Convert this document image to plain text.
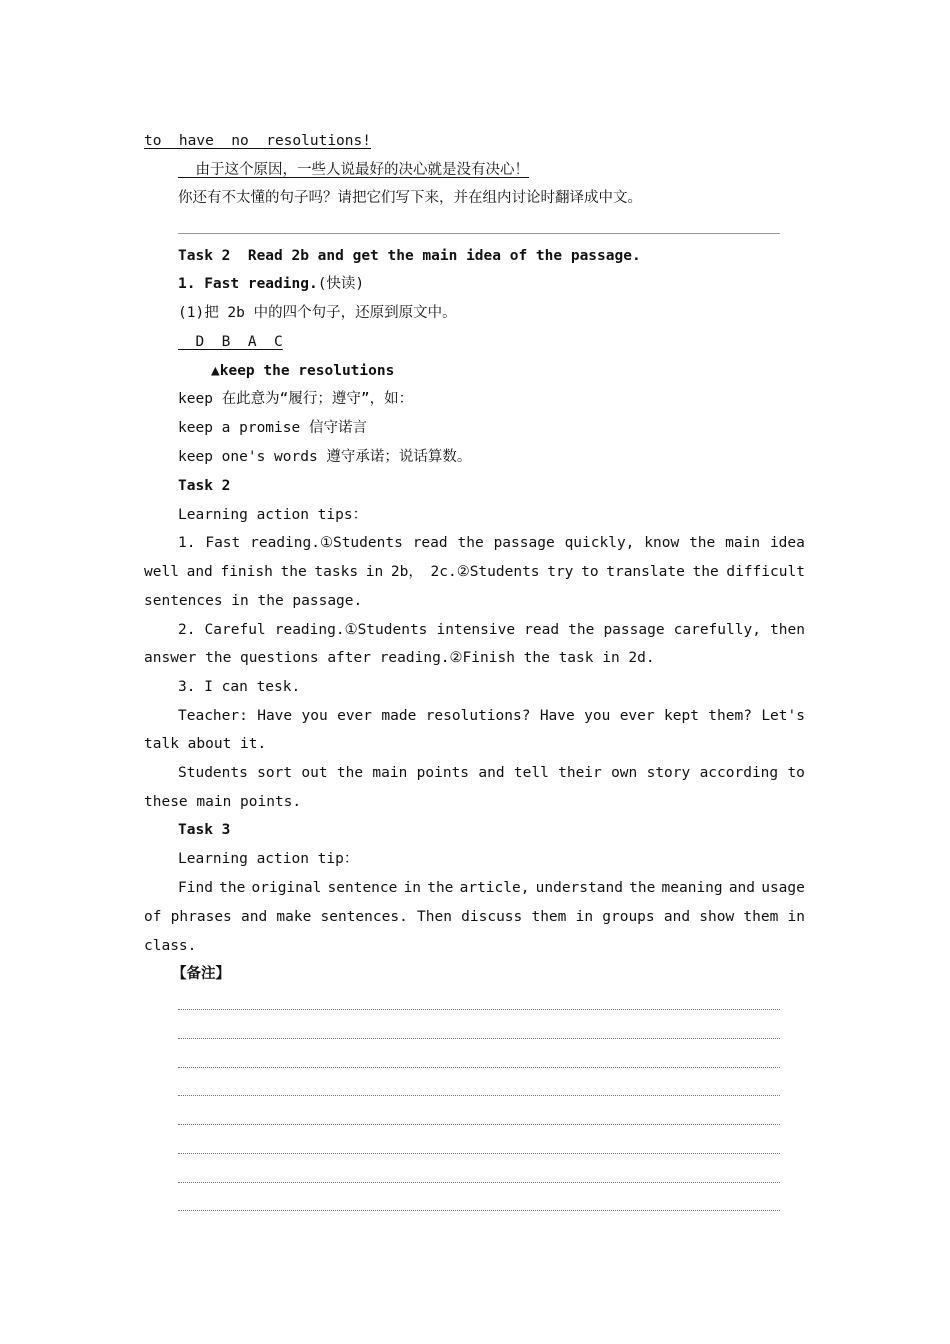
to  have  no  resolutions!
由于这个原因，一些人说最好的决心就是没有决心！
你还有不太懂的句子吗？请把它们写下来，并在组内讨论时翻译成中文。
Task 2  Read 2b and get the main idea of the passage.
1. Fast reading.(快读)
(1)把 2b 中的四个句子，还原到原文中。
D  B  A  C
▲keep the resolutions
keep 在此意为“履行；遵守”，如：
keep a promise 信守诺言
keep one's words 遵守承诺；说话算数。
Task 2
Learning action tips：
1. Fast reading.①Students read the passage quickly, know the main idea
well and finish the tasks in 2b， 2c.②Students try to translate the difficult
sentences in the passage.
2. Careful reading.①Students intensive read the passage carefully, then
answer the questions after reading.②Finish the task in 2d.
3. I can tesk.
Teacher: Have you ever made resolutions? Have you ever kept them? Let's
talk about it.
Students sort out the main points and tell their own story according to
these main points.
Task 3
Learning action tip：
Find the original sentence in the article, understand the meaning and usage
of phrases and make sentences. Then discuss them in groups and show them in
class.
【备注】
